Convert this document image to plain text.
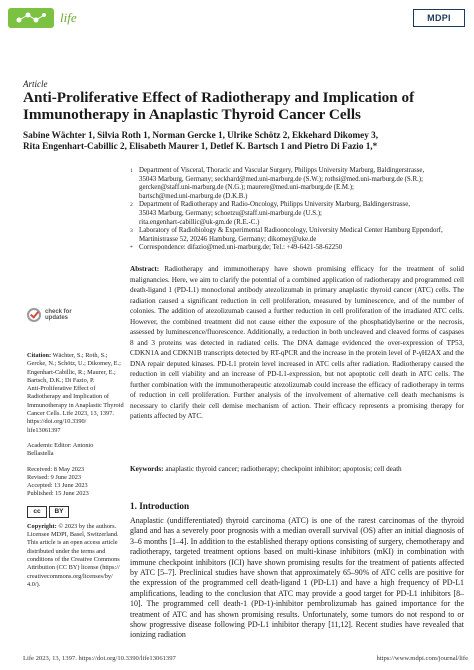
life	MDPI
Article
Anti-Proliferative Effect of Radiotherapy and Implication of Immunotherapy in Anaplastic Thyroid Cancer Cells
Sabine Wächter 1, Silvia Roth 1, Norman Gercke 1, Ulrike Schötz 2, Ekkehard Dikomey 3,
Rita Engenhart-Cabillic 2, Elisabeth Maurer 1, Detlef K. Bartsch 1 and Pietro Di Fazio 1,*
1 Department of Visceral, Thoracic and Vascular Surgery, Philipps University Marburg, Baldingerstrasse,
35043 Marburg, Germany; seckhard@med.uni-marburg.de (S.W.); rothsi@med.uni-marburg.de (S.R.);
gercken@staff.uni-marburg.de (N.G.); maurere@med.uni-marburg.de (E.M.);
bartsch@med.uni-marburg.de (D.K.B.)
2 Department of Radiotherapy and Radio-Oncology, Philipps University Marburg, Baldingerstrasse,
35043 Marburg, Germany; schoetzu@staff.uni-marburg.de (U.S.);
rita.engenhart-cabillic@uk-gm.de (R.E.-C.)
3 Laboratory of Radiobiology & Experimental Radiooncology, University Medical Center Hamburg Eppendorf,
Martinistrasse 52, 20246 Hamburg, Germany; dikomey@uke.de
* Correspondence: difazio@med.uni-marburg.de; Tel.: +49-6421-58-62250
Abstract: Radiotherapy and immunotherapy have shown promising efficacy for the treatment of solid malignancies. Here, we aim to clarify the potential of a combined application of radiotherapy and programmed cell death-ligand 1 (PD-L1) monoclonal antibody atezolizumab in primary anaplastic thyroid cancer (ATC) cells. The radiation caused a significant reduction in cell proliferation, measured by luminescence, and of the number of colonies. The addition of atezolizumab caused a further reduction in cell proliferation of the irradiated ATC cells. However, the combined treatment did not cause either the exposure of the phosphatidylserine or the necrosis, assessed by luminescence/fluorescence. Additionally, a reduction in both uncleaved and cleaved forms of caspases 8 and 3 proteins was detected in radiated cells. The DNA damage evidenced the over-expression of TP53, CDKN1A and CDKN1B transcripts detected by RT-qPCR and the increase in the protein level of P-γH2AX and the DNA repair deputed kinases. PD-L1 protein level increased in ATC cells after radiation. Radiotherapy caused the reduction in cell viability and an increase of PD-L1-expression, but not apoptotic cell death in ATC cells. The further combination with the immunotherapeutic atezolizumab could increase the efficacy of radiotherapy in terms of reduction in cell proliferation. Further analysis of the involvement of alternative cell death mechanisms is necessary to clarify their cell demise mechanism of action. Their efficacy represents a promising therapy for patients affected by ATC.
Keywords: anaplastic thyroid cancer; radiotherapy; checkpoint inhibitor; apoptosis; cell death
check for
updates
Citation: Wächter, S.; Roth, S.;
Gercke, N.; Schötz, U.; Dikomey, E.;
Engenhart-Cabillic, R.; Maurer, E.;
Bartsch, D.K.; Di Fazio, P.
Anti-Proliferative Effect of
Radiotherapy and Implication of
Immunotherapy in Anaplastic Thyroid
Cancer Cells. Life 2023, 13, 1397.
https://doi.org/10.3390/
life13061397
Academic Editor: Antonio
Bellastella
Received: 8 May 2023
Revised: 9 June 2023
Accepted: 13 June 2023
Published: 15 June 2023
cc	BY
Copyright: © 2023 by the authors.
Licensee MDPI, Basel, Switzerland.
This article is an open access article
distributed under the terms and
conditions of the Creative Commons
Attribution (CC BY) license (https://
creativecommons.org/licenses/by/
4.0/).
1. Introduction
Anaplastic (undifferentiated) thyroid carcinoma (ATC) is one of the rarest carcinomas of the thyroid gland and has a severely poor prognosis with a median overall survival (OS) after an initial diagnosis of 3–6 months [1–4]. In addition to the established therapy options consisting of surgery, chemotherapy and radiotherapy, targeted treatment options based on multi-kinase inhibitors (mKI) in combination with immune checkpoint inhibitors (ICI) have shown promising results for the treatment of patients affected by ATC [5–7]. Preclinical studies have shown that approximately 65–90% of ATC cells are positive for the expression of the programmed cell death-ligand 1 (PD-L1) and have a high frequency of PD-L1 amplifications, leading to the conclusion that ATC may provide a good target for PD-L1 inhibitors [8–10]. The programmed cell death-1 (PD-1)-inhibitor pembrolizumab has gained importance for the treatment of ATC and has shown promising results. Unfortunately, some tumors do not respond to or show progressive disease following PD-L1 inhibitor therapy [11,12]. Recent studies have revealed that ionizing radiation
Life 2023, 13, 1397. https://doi.org/10.3390/life13061397	https://www.mdpi.com/journal/life
